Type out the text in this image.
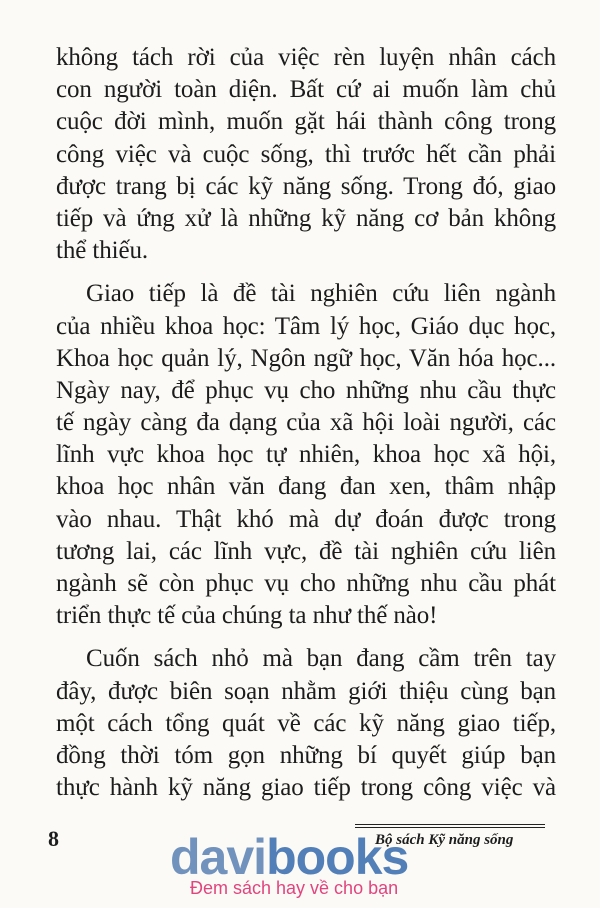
không tách rời của việc rèn luyện nhân cách
con người toàn diện. Bất cứ ai muốn làm chủ
cuộc đời mình, muốn gặt hái thành công trong
công việc và cuộc sống, thì trước hết cần phải
được trang bị các kỹ năng sống. Trong đó, giao
tiếp và ứng xử là những kỹ năng cơ bản không
thể thiếu.
Giao tiếp là đề tài nghiên cứu liên ngành
của nhiều khoa học: Tâm lý học, Giáo dục học,
Khoa học quản lý, Ngôn ngữ học, Văn hóa học...
Ngày nay, để phục vụ cho những nhu cầu thực
tế ngày càng đa dạng của xã hội loài người, các
lĩnh vực khoa học tự nhiên, khoa học xã hội,
khoa học nhân văn đang đan xen, thâm nhập
vào nhau. Thật khó mà dự đoán được trong
tương lai, các lĩnh vực, đề tài nghiên cứu liên
ngành sẽ còn phục vụ cho những nhu cầu phát
triển thực tế của chúng ta như thế nào!
Cuốn sách nhỏ mà bạn đang cầm trên tay
đây, được biên soạn nhằm giới thiệu cùng bạn
một cách tổng quát về các kỹ năng giao tiếp,
đồng thời tóm gọn những bí quyết giúp bạn
thực hành kỹ năng giao tiếp trong công việc và
8	Bộ sách Kỹ năng sống
davibooks
Đem sách hay về cho bạn
